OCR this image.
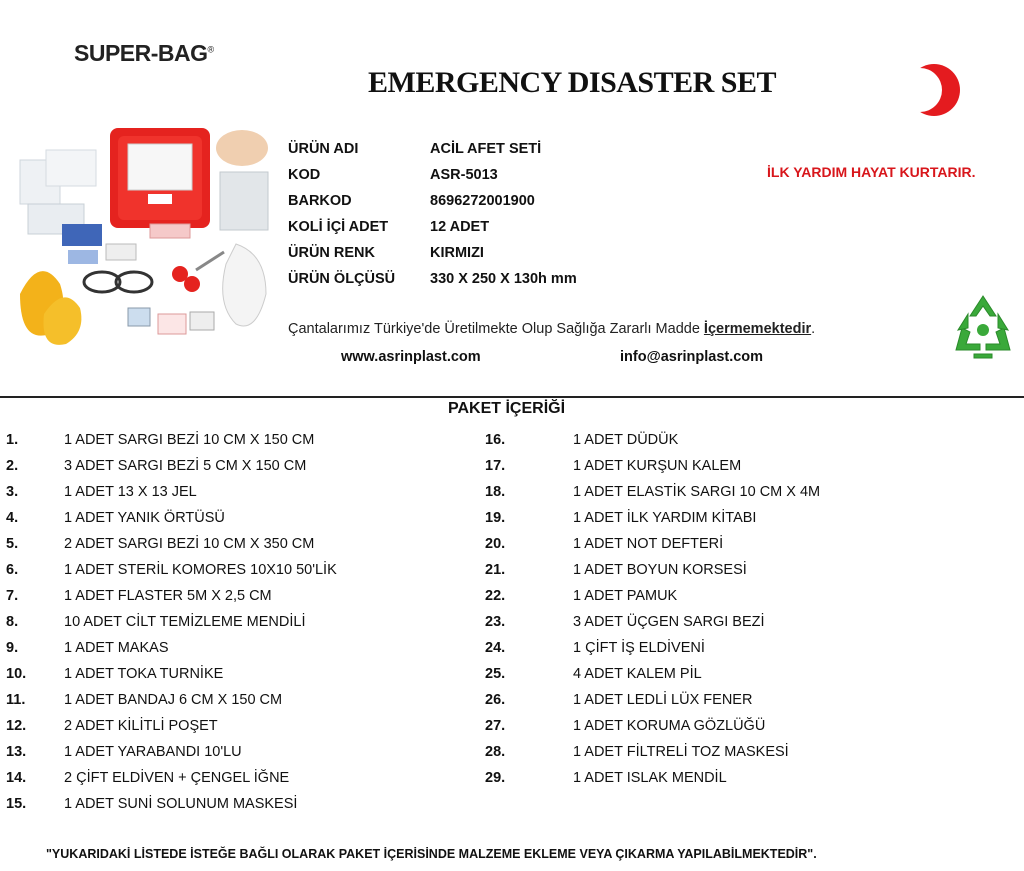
SUPER-BAG®
EMERGENCY DISASTER SET
ÜRÜN ADI	ACİL AFET SETİ
KOD	ASR-5013
BARKOD	8696272001900
KOLİ İÇİ ADET	12 ADET
ÜRÜN RENK	KIRMIZI
ÜRÜN ÖLÇÜSÜ 330 X 250 X 130h mm
İLK YARDIM HAYAT KURTARIR.
Çantalarımız Türkiye'de Üretilmekte Olup Sağlığa Zararlı Madde İçermemektedir.
www.asrinplast.com	info@asrinplast.com
PAKET İÇERİĞİ
1.	1 ADET SARGI BEZİ 10 CM X 150 CM
2.	3 ADET SARGI BEZİ 5 CM X 150 CM
3.	1 ADET 13 X 13 JEL
4.	1 ADET YANIK ÖRTÜSÜ
5.	2 ADET SARGI BEZİ 10 CM X 350 CM
6.	1 ADET STERİL KOMORES 10X10 50'LİK
7.	1 ADET FLASTER 5M X 2,5 CM
8.	10 ADET CİLT TEMİZLEME MENDİLİ
9.	1 ADET MAKAS
10.	1 ADET TOKA TURNİKE
11.	1 ADET BANDAJ 6 CM X 150 CM
12.	2 ADET KİLİTLİ POŞET
13.	1 ADET YARABANDI 10'LU
14.	2 ÇİFT ELDİVEN + ÇENGEL İĞNE
15.	1 ADET SUNİ SOLUNUM MASKESİ
16.	1 ADET DÜDÜK
17.	1 ADET KURŞUN KALEM
18.	1 ADET ELASTİK SARGI 10 CM X 4M
19.	1 ADET İLK YARDIM KİTABI
20.	1 ADET NOT DEFTERİ
21.	1 ADET BOYUN KORSESİ
22.	1 ADET PAMUK
23.	3 ADET ÜÇGEN SARGI BEZİ
24.	1 ÇİFT İŞ ELDİVENİ
25.	4 ADET KALEM PİL
26.	1 ADET LEDLİ LÜX FENER
27.	1 ADET KORUMA GÖZLÜĞÜ
28.	1 ADET FİLTRELİ TOZ MASKESİ
29.	1 ADET ISLAK MENDİL
"YUKARIDAKİ LİSTEDE İSTEĞE BAĞLI OLARAK PAKET İÇERİSİNDE MALZEME EKLEME VEYA ÇIKARMA YAPILABİLMEKTEDİR".
